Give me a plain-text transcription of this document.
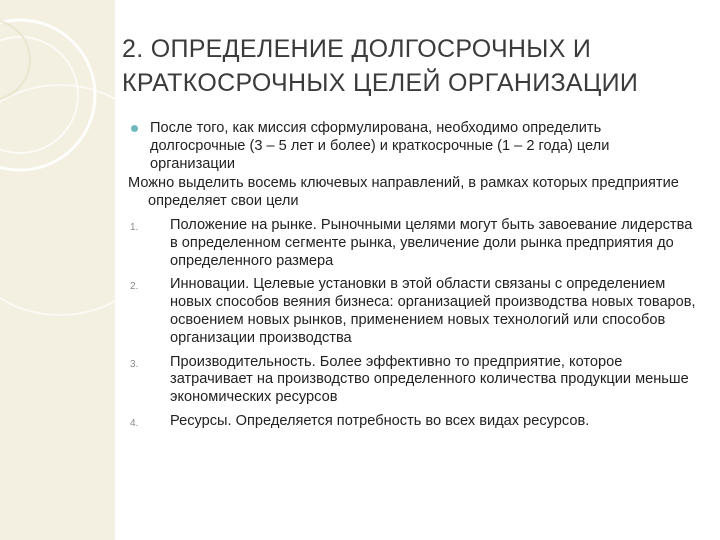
2. ОПРЕДЕЛЕНИЕ ДОЛГОСРОЧНЫХ И
КРАТКОСРОЧНЫХ ЦЕЛЕЙ ОРГАНИЗАЦИИ
После того, как миссия сформулирована, необходимо определить долгосрочные (3 – 5 лет и более) и краткосрочные (1 – 2 года) цели организации
Можно выделить восемь ключевых направлений, в рамках которых предприятие определяет свои цели
1. Положение на рынке. Рыночными целями могут быть завоевание лидерства в определенном сегменте рынка, увеличение доли рынка предприятия до определенного размера
2. Инновации. Целевые установки в этой области связаны с определением новых способов веяния бизнеса: организацией производства новых товаров, освоением новых рынков, применением новых технологий или способов организации производства
3. Производительность. Более эффективно то предприятие, которое затрачивает на производство определенного количества продукции меньше экономических ресурсов
4. Ресурсы. Определяется потребность во всех видах ресурсов.
